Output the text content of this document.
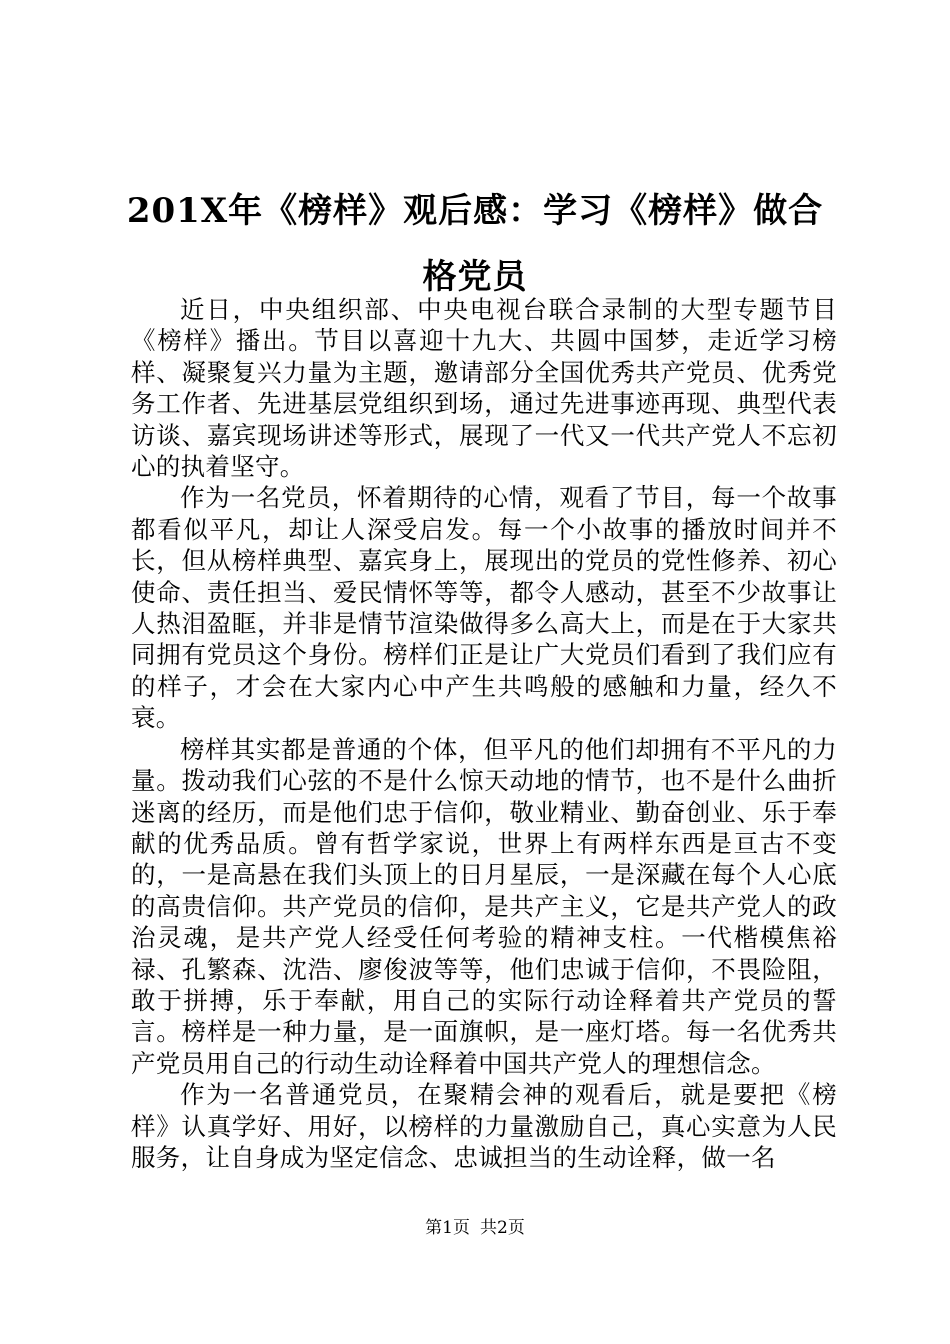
201X年《榜样》观后感：学习《榜样》做合格党员

近日，中央组织部、中央电视台联合录制的大型专题节目《榜样》播出。节目以喜迎十九大、共圆中国梦，走近学习榜样、凝聚复兴力量为主题，邀请部分全国优秀共产党员、优秀党务工作者、先进基层党组织到场，通过先进事迹再现、典型代表访谈、嘉宾现场讲述等形式，展现了一代又一代共产党人不忘初心的执着坚守。

作为一名党员，怀着期待的心情，观看了节目，每一个故事都看似平凡，却让人深受启发。每一个小故事的播放时间并不长，但从榜样典型、嘉宾身上，展现出的党员的党性修养、初心使命、责任担当、爱民情怀等等，都令人感动，甚至不少故事让人热泪盈眶，并非是情节渲染做得多么高大上，而是在于大家共同拥有党员这个身份。榜样们正是让广大党员们看到了我们应有的样子，才会在大家内心中产生共鸣般的感触和力量，经久不衰。

榜样其实都是普通的个体，但平凡的他们却拥有不平凡的力量。拨动我们心弦的不是什么惊天动地的情节，也不是什么曲折迷离的经历，而是他们忠于信仰，敬业精业、勤奋创业、乐于奉献的优秀品质。曾有哲学家说，世界上有两样东西是亘古不变的，一是高悬在我们头顶上的日月星辰，一是深藏在每个人心底的高贵信仰。共产党员的信仰，是共产主义，它是共产党人的政治灵魂，是共产党人经受任何考验的精神支柱。一代楷模焦裕禄、孔繁森、沈浩、廖俊波等等，他们忠诚于信仰，不畏险阻，敢于拼搏，乐于奉献，用自己的实际行动诠释着共产党员的誓言。榜样是一种力量，是一面旗帜，是一座灯塔。每一名优秀共产党员用自己的行动生动诠释着中国共产党人的理想信念。

作为一名普通党员，在聚精会神的观看后，就是要把《榜样》认真学好、用好，以榜样的力量激励自己，真心实意为人民服务，让自身成为坚定信念、忠诚担当的生动诠释，做一名

第1页 共2页
